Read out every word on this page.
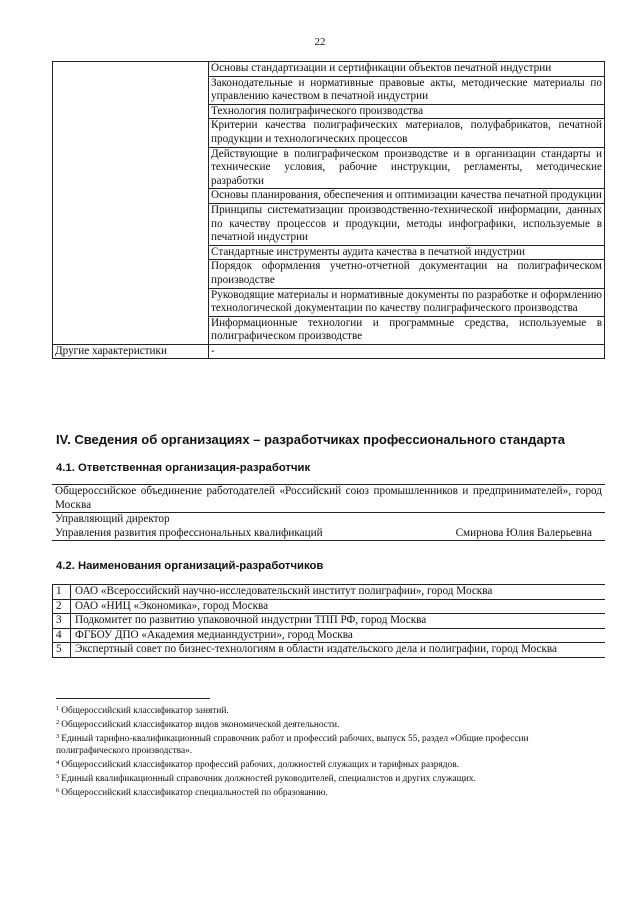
22
	Основы стандартизации и сертификации объектов печатной индустрии
	Законодательные и нормативные правовые акты, методические материалы по управлению качеством в печатной индустрии
	Технология полиграфического производства
	Критерии качества полиграфических материалов, полуфабрикатов, печатной продукции и технологических процессов
	Действующие в полиграфическом производстве и в организации стандарты и технические условия, рабочие инструкции, регламенты, методические разработки
	Основы планирования, обеспечения и оптимизации качества печатной продукции
	Принципы систематизации производственно-технической информации, данных по качеству процессов и продукции, методы инфографики, используемые в печатной индустрии
	Стандартные инструменты аудита качества в печатной индустрии
	Порядок оформления учетно-отчетной документации на полиграфическом производстве
	Руководящие материалы и нормативные документы по разработке и оформлению технологической документации по качеству полиграфического производства
	Информационные технологии и программные средства, используемые в полиграфическом производстве
Другие характеристики	-
IV. Сведения об организациях – разработчиках профессионального стандарта
4.1. Ответственная организация-разработчик
Общероссийское объединение работодателей «Российский союз промышленников и предпринимателей», город Москва

Управляющий директор
Управления развития профессиональных квалификаций	Смирнова Юлия Валерьевна
4.2. Наименования организаций-разработчиков
1	ОАО «Всероссийский научно-исследовательский институт полиграфии», город Москва
2	ОАО «НИЦ «Экономика», город Москва
3	Подкомитет по развитию упаковочной индустрии ТПП РФ, город Москва
4	ФГБОУ ДПО «Академия медиаиндустрии», город Москва
5	Экспертный совет по бизнес-технологиям в области издательского дела и полиграфии, город Москва

$^1$ Общероссийский классификатор занятий.

$^2$ Общероссийский классификатор видов экономической деятельности.

$^3$ Единый тарифно-квалификационный справочник работ и профессий рабочих, выпуск 55, раздел «Общие профессии полиграфического производства».

$^4$ Общероссийский классификатор профессий рабочих, должностей служащих и тарифных разрядов.

$^5$ Единый квалификационный справочник должностей руководителей, специалистов и других служащих.

$^6$ Общероссийский классификатор специальностей по образованию.
